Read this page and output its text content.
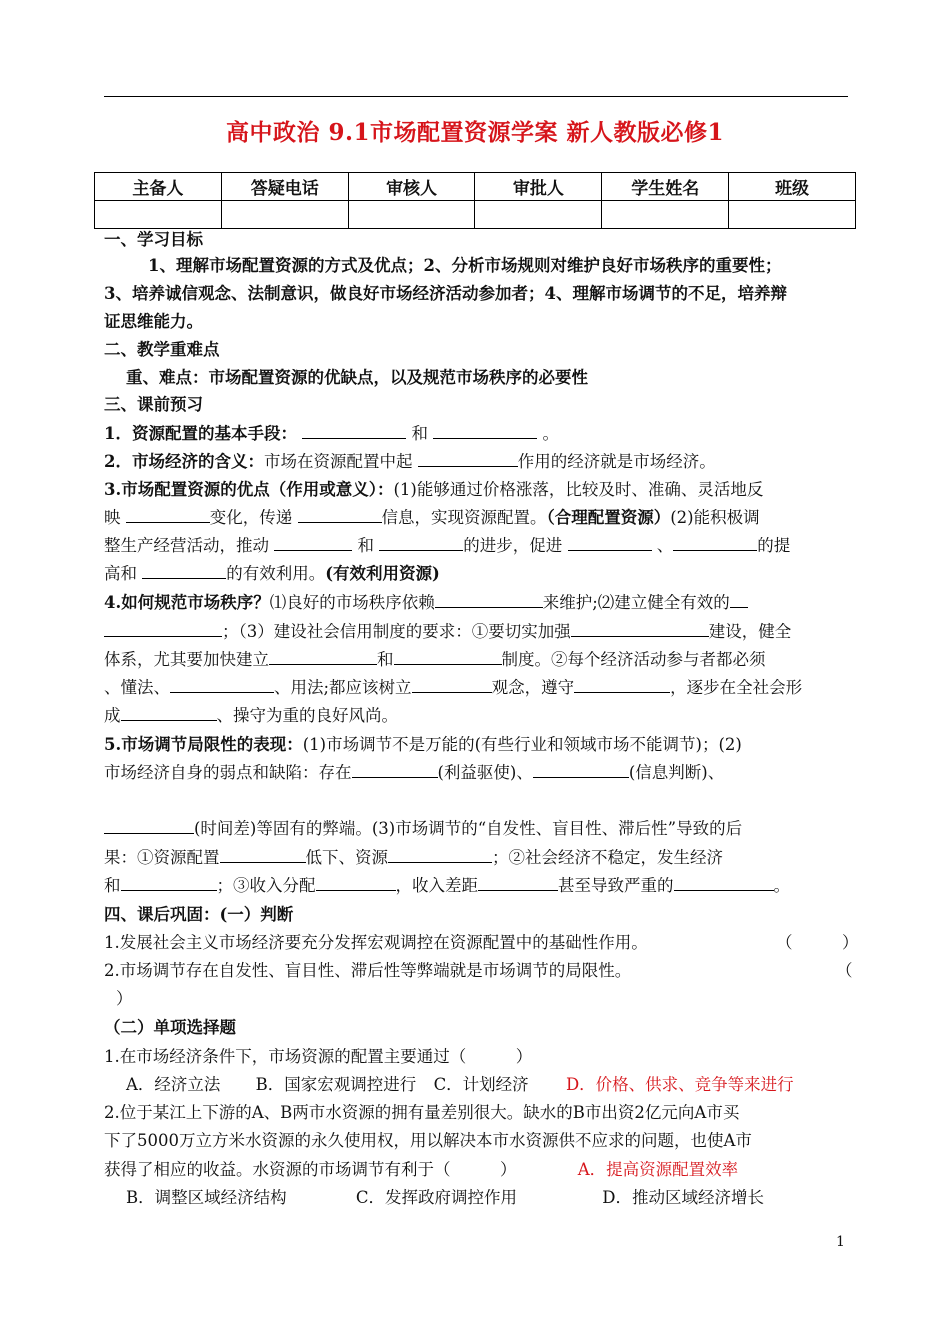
高中政治 9.1市场配置资源学案 新人教版必修1
主备人	答疑电话	审核人	审批人	学生姓名	班级

一、学习目标
1、理解市场配置资源的方式及优点；2、分析市场规则对维护良好市场秩序的重要性；
3、培养诚信观念、法制意识，做良好市场经济活动参加者；4、理解市场调节的不足，培养辩
证思维能力。
二、教学重难点
重、难点：市场配置资源的优缺点，以及规范市场秩序的必要性
三、课前预习
1．资源配置的基本手段：	和	。
2．市场经济的含义：市场在资源配置中起	作用的经济就是市场经济。
3.市场配置资源的优点（作用或意义）：(1)能够通过价格涨落，比较及时、准确、灵活地反
映	变化，传递	信息，实现资源配置。（合理配置资源）(2)能积极调
整生产经营活动，推动	和	的进步，促进	、	的提
高和	的有效利用。(有效利用资源)
4.如何规范市场秩序？⑴良好的市场秩序依赖	来维护;⑵建立健全有效的
；（3）建设社会信用制度的要求：①要切实加强	建设，健全
体系，尤其要加快建立	和	制度。②每个经济活动参与者都必须
、懂法、	、用法;都应该树立	观念，遵守	，逐步在全社会形
成	、操守为重的良好风尚。
5.市场调节局限性的表现：(1)市场调节不是万能的(有些行业和领域市场不能调节)；(2)
市场经济自身的弱点和缺陷：存在	(利益驱使)、	(信息判断)、
(时间差)等固有的弊端。(3)市场调节的“自发性、盲目性、滞后性”导致的后
果：①资源配置	低下、资源	；②社会经济不稳定，发生经济
和	；③收入分配	，收入差距	甚至导致严重的	。
四、课后巩固：(一）判断
1.发展社会主义市场经济要充分发挥宏观调控在资源配置中的基础性作用。	（　　　）
2.市场调节存在自发性、盲目性、滞后性等弊端就是市场调节的局限性。	（
）
（二）单项选择题
1.在市场经济条件下，市场资源的配置主要通过（　　　）
A．经济立法 B．国家宏观调控进行 C．计划经济 D．价格、供求、竞争等来进行
2.位于某江上下游的A、B两市水资源的拥有量差别很大。缺水的B市出资2亿元向A市买
下了5000万立方米水资源的永久使用权，用以解决本市水资源供不应求的问题，也使A市
获得了相应的收益。水资源的市场调节有利于（　　　）	A．提高资源配置效率
B．调整区域经济结构	C．发挥政府调控作用	D．推动区域经济增长
1
